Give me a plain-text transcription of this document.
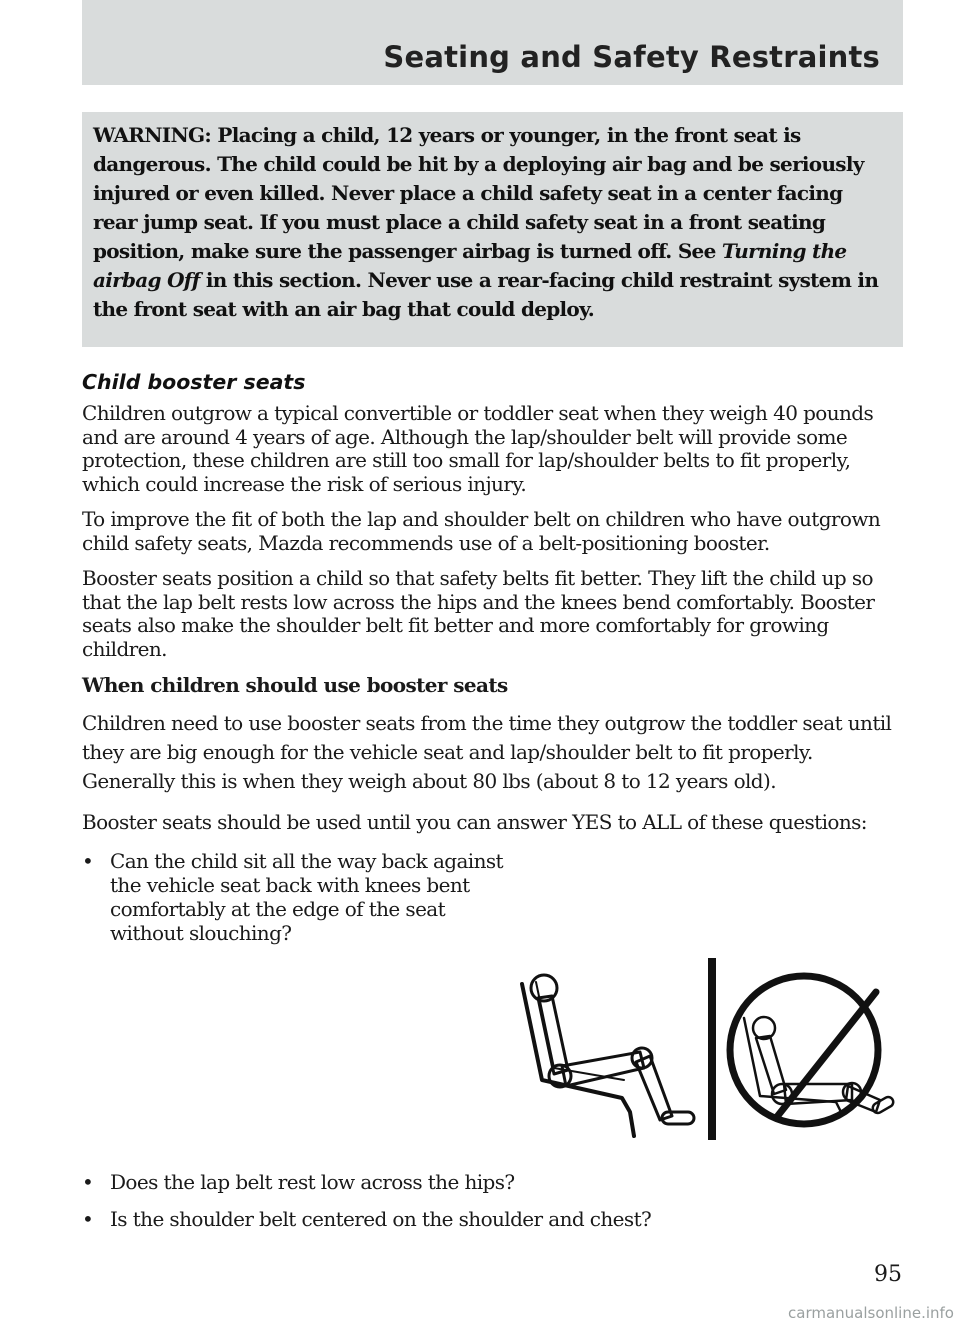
Seating and Safety Restraints
WARNING: Placing a child, 12 years or younger, in the front seat is dangerous. The child could be hit by a deploying air bag and be seriously injured or even killed. Never place a child safety seat in a center facing rear jump seat. If you must place a child safety seat in a front seating position, make sure the passenger airbag is turned off. See Turning the airbag Off in this section. Never use a rear-facing child restraint system in the front seat with an air bag that could deploy.
Child booster seats

Children outgrow a typical convertible or toddler seat when they weigh 40 pounds and are around 4 years of age. Although the lap/shoulder belt will provide some protection, these children are still too small for lap/shoulder belts to fit properly, which could increase the risk of serious injury.

To improve the fit of both the lap and shoulder belt on children who have outgrown child safety seats, Mazda recommends use of a belt-positioning booster.

Booster seats position a child so that safety belts fit better. They lift the child up so that the lap belt rests low across the hips and the knees bend comfortably. Booster seats also make the shoulder belt fit better and more comfortably for growing children.

When children should use booster seats

Children need to use booster seats from the time they outgrow the toddler seat until they are big enough for the vehicle seat and lap/shoulder belt to fit properly. Generally this is when they weigh about 80 lbs (about 8 to 12 years old).

Booster seats should be used until you can answer YES to ALL of these questions:

• Can the child sit all the way back against the vehicle seat back with knees bent comfortably at the edge of the seat without slouching?
• Does the lap belt rest low across the hips?
• Is the shoulder belt centered on the shoulder and chest?
95
carmanualsonline.info
